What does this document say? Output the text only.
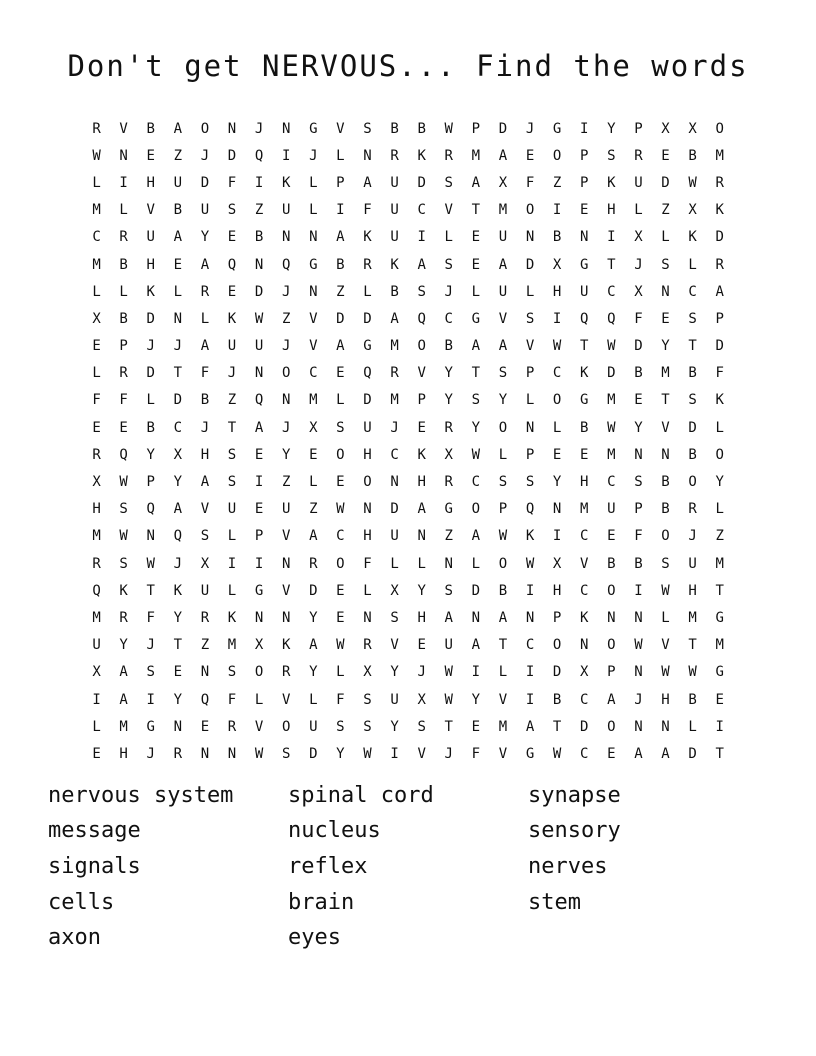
Don't get NERVOUS... Find the words
R	V	B	A	O	N	J	N	G	V	S	B	B	W	P	D	J	G	I	Y	P	X	X	O
W	N	E	Z	J	D	Q	I	J	L	N	R	K	R	M	A	E	O	P	S	R	E	B	M
L	I	H	U	D	F	I	K	L	P	A	U	D	S	A	X	F	Z	P	K	U	D	W	R
M	L	V	B	U	S	Z	U	L	I	F	U	C	V	T	M	O	I	E	H	L	Z	X	K
C	R	U	A	Y	E	B	N	N	A	K	U	I	L	E	U	N	B	N	I	X	L	K	D
M	B	H	E	A	Q	N	Q	G	B	R	K	A	S	E	A	D	X	G	T	J	S	L	R
L	L	K	L	R	E	D	J	N	Z	L	B	S	J	L	U	L	H	U	C	X	N	C	A
X	B	D	N	L	K	W	Z	V	D	D	A	Q	C	G	V	S	I	Q	Q	F	E	S	P
E	P	J	J	A	U	U	J	V	A	G	M	O	B	A	A	V	W	T	W	D	Y	T	D
L	R	D	T	F	J	N	O	C	E	Q	R	V	Y	T	S	P	C	K	D	B	M	B	F
F	F	L	D	B	Z	Q	N	M	L	D	M	P	Y	S	Y	L	O	G	M	E	T	S	K
E	E	B	C	J	T	A	J	X	S	U	J	E	R	Y	O	N	L	B	W	Y	V	D	L
R	Q	Y	X	H	S	E	Y	E	O	H	C	K	X	W	L	P	E	E	M	N	N	B	O
X	W	P	Y	A	S	I	Z	L	E	O	N	H	R	C	S	S	Y	H	C	S	B	O	Y
H	S	Q	A	V	U	E	U	Z	W	N	D	A	G	O	P	Q	N	M	U	P	B	R	L
M	W	N	Q	S	L	P	V	A	C	H	U	N	Z	A	W	K	I	C	E	F	O	J	Z
R	S	W	J	X	I	I	N	R	O	F	L	L	N	L	O	W	X	V	B	B	S	U	M
Q	K	T	K	U	L	G	V	D	E	L	X	Y	S	D	B	I	H	C	O	I	W	H	T
M	R	F	Y	R	K	N	N	Y	E	N	S	H	A	N	A	N	P	K	N	N	L	M	G
U	Y	J	T	Z	M	X	K	A	W	R	V	E	U	A	T	C	O	N	O	W	V	T	M
X	A	S	E	N	S	O	R	Y	L	X	Y	J	W	I	L	I	D	X	P	N	W	W	G
I	A	I	Y	Q	F	L	V	L	F	S	U	X	W	Y	V	I	B	C	A	J	H	B	E
L	M	G	N	E	R	V	O	U	S	S	Y	S	T	E	M	A	T	D	O	N	N	L	I
E	H	J	R	N	N	W	S	D	Y	W	I	V	J	F	V	G	W	C	E	A	A	D	T
nervous system
message
signals
cells
axon
spinal cord
nucleus
reflex
brain
eyes
synapse
sensory
nerves
stem
